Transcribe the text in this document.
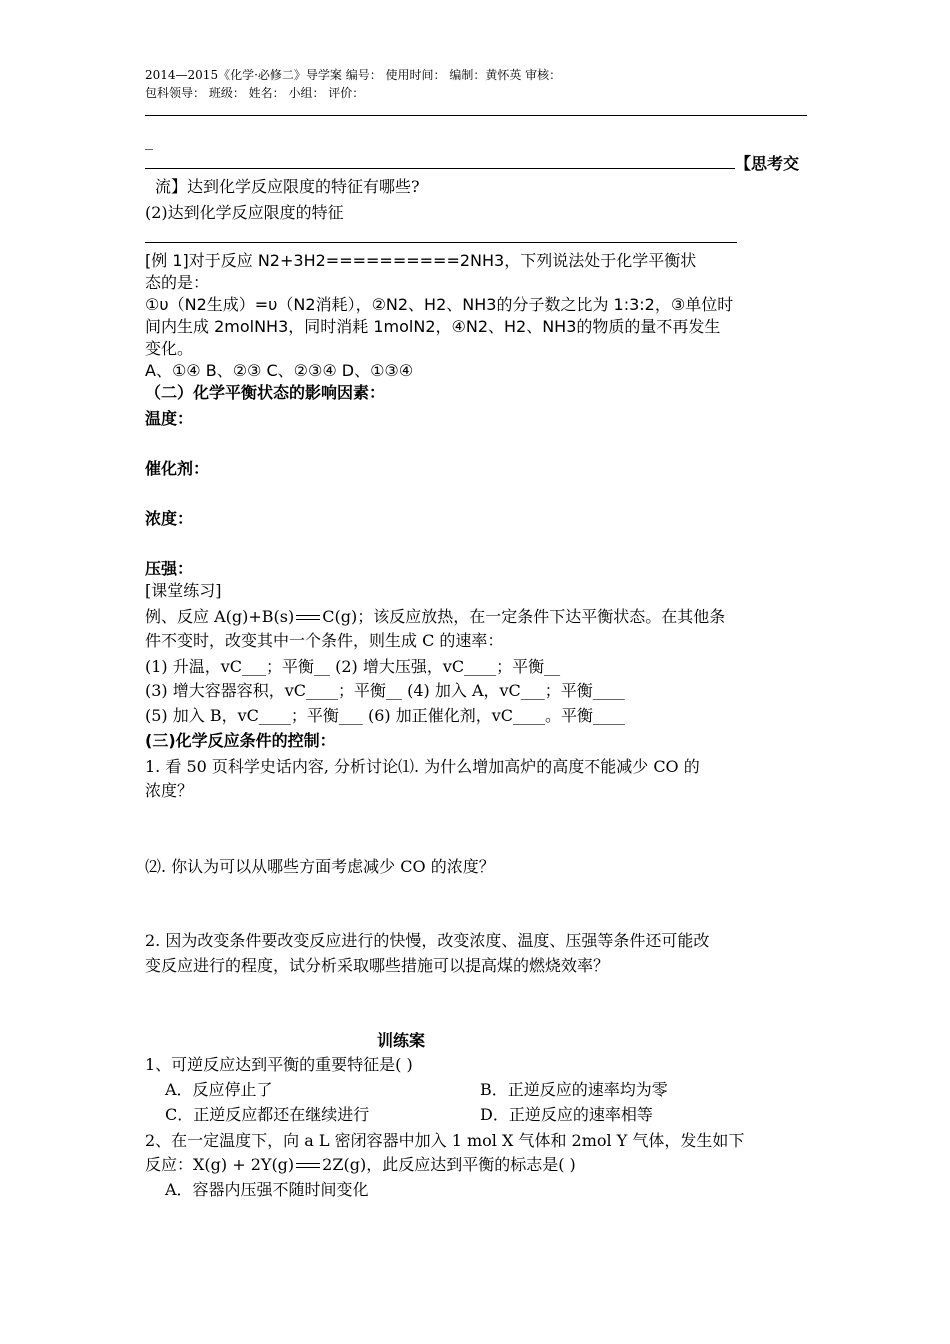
2014—2015《化学·必修二》导学案 编号： 使用时间： 编制：黄怀英 审核：
包科领导： 班级： 姓名： 小组： 评价：
_
【思考交
流】达到化学反应限度的特征有哪些?
(2)达到化学反应限度的特征
[例 1]对于反应 N2+3H2==========2NH3，下列说法处于化学平衡状
态的是：
①υ（N2生成）=υ（N2消耗），②N2、H2、NH3的分子数之比为 1:3:2，③单位时
间内生成 2molNH3，同时消耗 1molN2，④N2、H2、NH3的物质的量不再发生
变化。
A、①④ B、②③ C、②③④ D、①③④
（二）化学平衡状态的影响因素：
温度：
催化剂：
浓度：
压强：
[课堂练习]
例、反应 A(g)+B(s) C(g)；该反应放热，在一定条件下达平衡状态。在其他条
件不变时，改变其中一个条件，则生成 C 的速率：
(1) 升温，vC___；平衡__ (2) 增大压强，vC____；平衡__
(3) 增大容器容积，vC____；平衡__ (4) 加入 A，vC___；平衡____
(5) 加入 B，vC____；平衡___ (6) 加正催化剂，vC____。平衡____
(三)化学反应条件的控制：
1. 看 50 页科学史话内容, 分析讨论⑴. 为什么增加高炉的高度不能减少 CO 的
浓度？
⑵. 你认为可以从哪些方面考虑减少 CO 的浓度？
2. 因为改变条件要改变反应进行的快慢，改变浓度、温度、压强等条件还可能改
变反应进行的程度，试分析采取哪些措施可以提高煤的燃烧效率？
训练案
1、可逆反应达到平衡的重要特征是( )
A．反应停止了	B．正逆反应的速率均为零
C．正逆反应都还在继续进行	D．正逆反应的速率相等
2、在一定温度下，向 a L 密闭容器中加入 1 mol X 气体和 2mol Y 气体，发生如下
反应：X(g) + 2Y(g) 2Z(g)，此反应达到平衡的标志是( )
A．容器内压强不随时间变化
